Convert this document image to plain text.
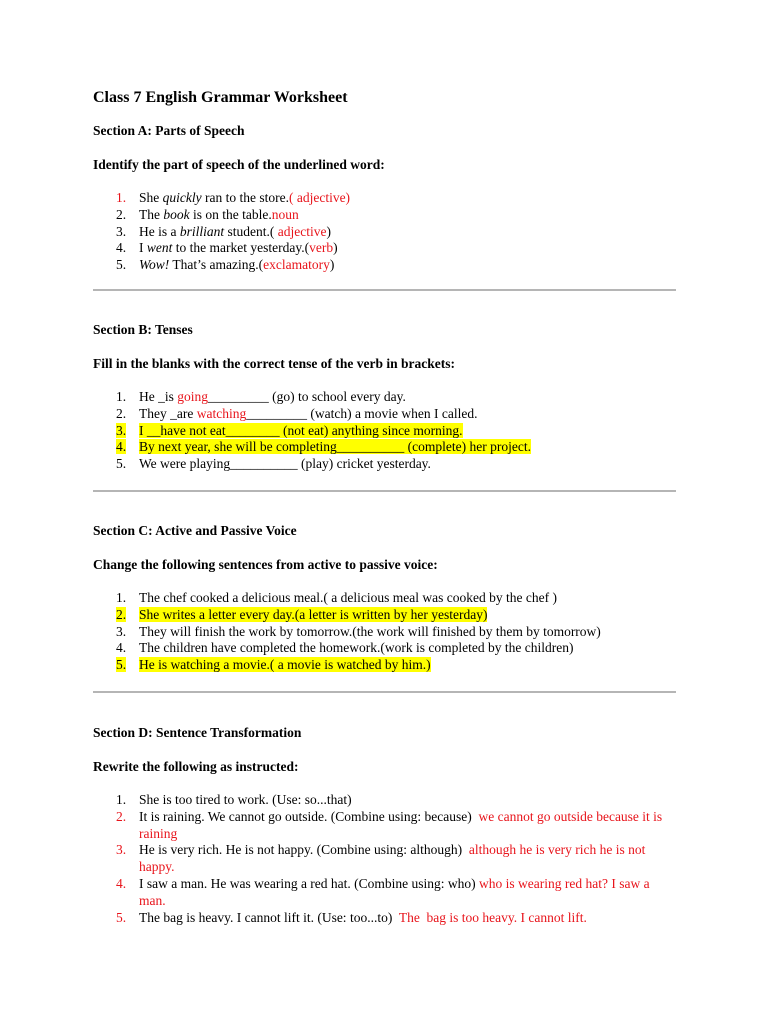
Class 7 English Grammar Worksheet
Section A: Parts of Speech

Identify the part of speech of the underlined word:

1. She quickly ran to the store.( adjective)
2. The book is on the table.noun
3. He is a brilliant student.( adjective)
4. I went to the market yesterday.(verb)
5. Wow! That’s amazing.(exclamatory)
Section B: Tenses

Fill in the blanks with the correct tense of the verb in brackets:

1. He _is going_________ (go) to school every day.
2. They _are watching_________ (watch) a movie when I called.
3. I __have not eat________ (not eat) anything since morning.
4. By next year, she will be completing__________ (complete) her project.
5. We were playing__________ (play) cricket yesterday.
Section C: Active and Passive Voice

Change the following sentences from active to passive voice:

1. The chef cooked a delicious meal.( a delicious meal was cooked by the chef )
2. She writes a letter every day.(a letter is written by her yesterday)
3. They will finish the work by tomorrow.(the work will finished by them by tomorrow)
4. The children have completed the homework.(work is completed by the children)
5. He is watching a movie.( a movie is watched by him.)
Section D: Sentence Transformation

Rewrite the following as instructed:

1. She is too tired to work. (Use: so...that)
2. It is raining. We cannot go outside. (Combine using: because)  we cannot go outside because it is raining
3. He is very rich. He is not happy. (Combine using: although)  although he is very rich he is not happy.
4. I saw a man. He was wearing a red hat. (Combine using: who) who is wearing red hat? I saw a man.
5. The bag is heavy. I cannot lift it. (Use: too...to)  The  bag is too heavy. I cannot lift.
